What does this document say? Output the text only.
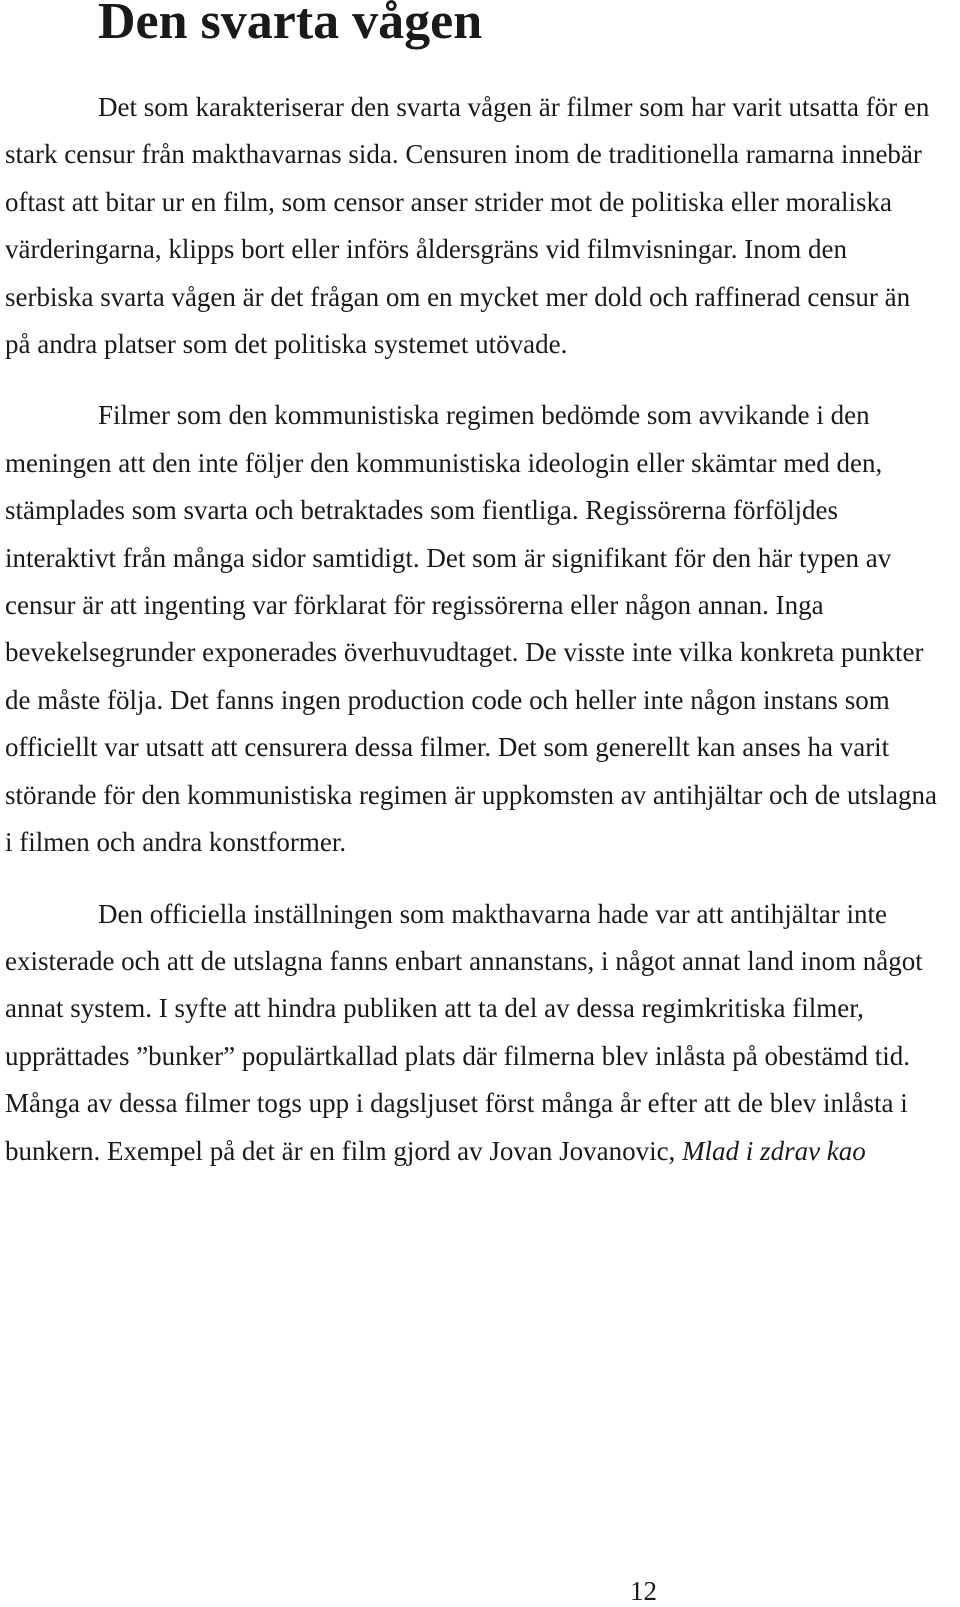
Den svarta vågen

Det som karakteriserar den svarta vågen är filmer som har varit utsatta för en stark censur från makthavarnas sida. Censuren inom de traditionella ramarna innebär oftast att bitar ur en film, som censor anser strider mot de politiska eller moraliska värderingarna, klipps bort eller införs åldersgräns vid filmvisningar. Inom den serbiska svarta vågen är det frågan om en mycket mer dold och raffinerad censur än på andra platser som det politiska systemet utövade.

Filmer som den kommunistiska regimen bedömde som avvikande i den meningen att den inte följer den kommunistiska ideologin eller skämtar med den, stämplades som svarta och betraktades som fientliga. Regissörerna förföljdes interaktivt från många sidor samtidigt. Det som är signifikant för den här typen av censur är att ingenting var förklarat för regissörerna eller någon annan. Inga bevekelsegrunder exponerades överhuvudtaget. De visste inte vilka konkreta punkter de måste följa. Det fanns ingen production code och heller inte någon instans som officiellt var utsatt att censurera dessa filmer. Det som generellt kan anses ha varit störande för den kommunistiska regimen är uppkomsten av antihjältar och de utslagna i filmen och andra konstformer.

Den officiella inställningen som makthavarna hade var att antihjältar inte existerade och att de utslagna fanns enbart annanstans, i något annat land inom något annat system. I syfte att hindra publiken att ta del av dessa regimkritiska filmer, upprättades ”bunker” populärtkallad plats där filmerna blev inlåsta på obestämd tid. Många av dessa filmer togs upp i dagsljuset först många år efter att de blev inlåsta i bunkern. Exempel på det är en film gjord av Jovan Jovanovic, Mlad i zdrav kao

12
